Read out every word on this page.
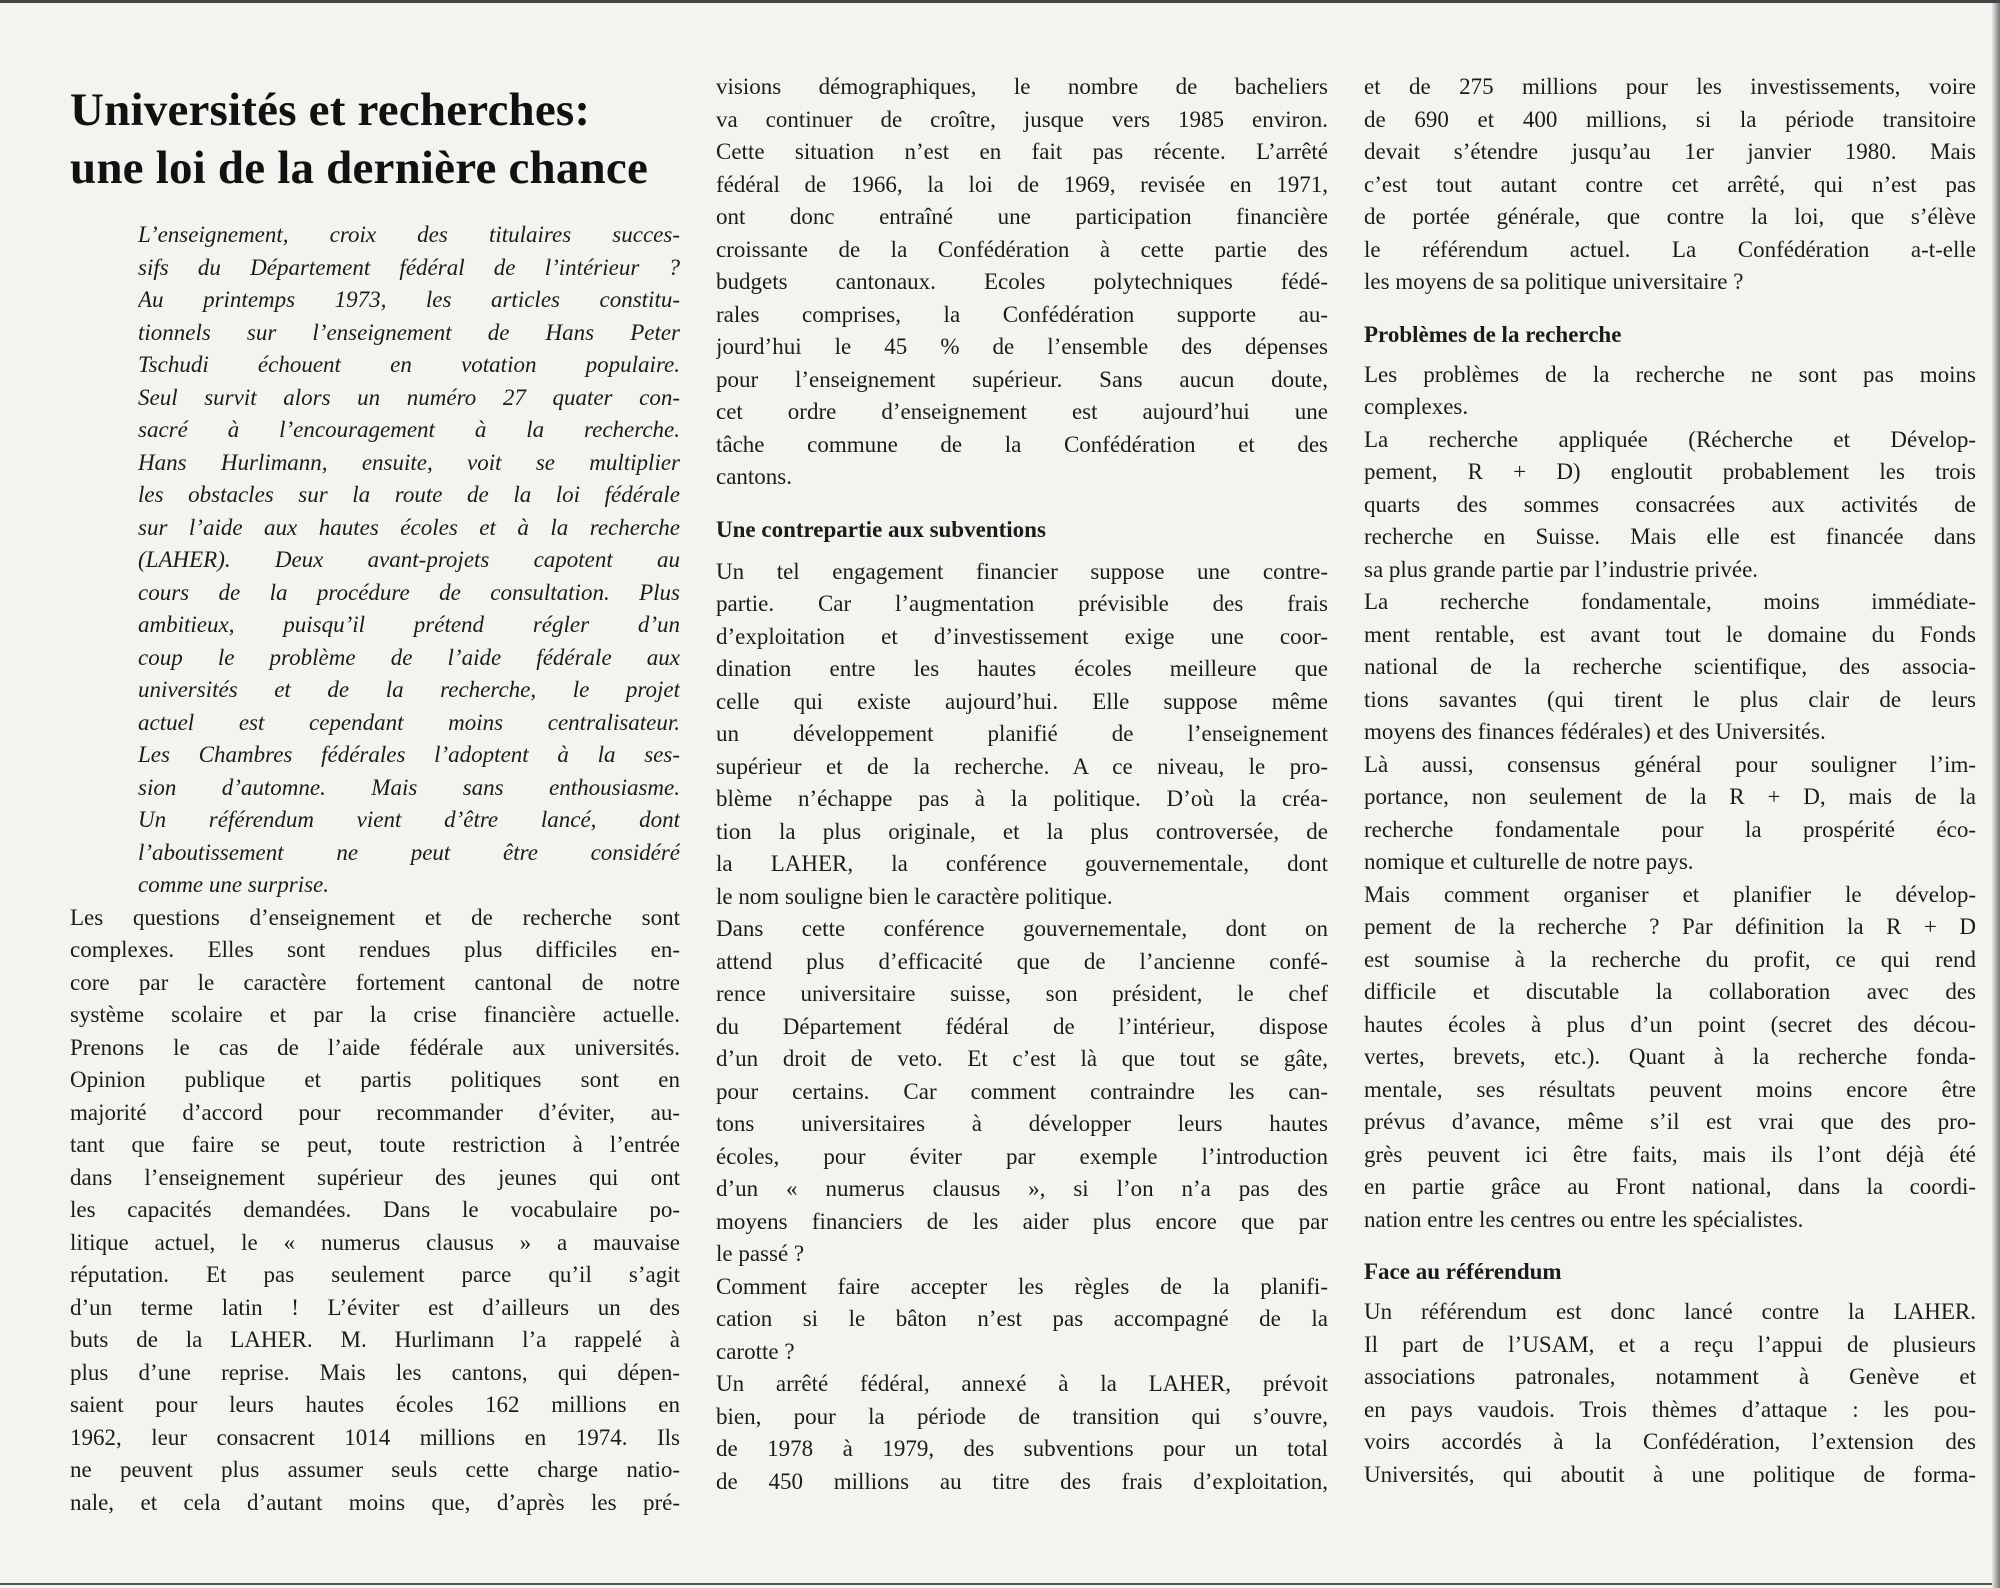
Universités et recherches:
une loi de la dernière chance
L’enseignement, croix des titulaires succes-
sifs du Département fédéral de l’intérieur ?
Au printemps 1973, les articles constitu-
tionnels sur l’enseignement de Hans Peter
Tschudi échouent en votation populaire.
Seul survit alors un numéro 27 quater con-
sacré à l’encouragement à la recherche.
Hans Hurlimann, ensuite, voit se multiplier
les obstacles sur la route de la loi fédérale
sur l’aide aux hautes écoles et à la recherche
(LAHER). Deux avant-projets capotent au
cours de la procédure de consultation. Plus
ambitieux, puisqu’il prétend régler d’un
coup le problème de l’aide fédérale aux
universités et de la recherche, le projet
actuel est cependant moins centralisateur.
Les Chambres fédérales l’adoptent à la ses-
sion d’automne. Mais sans enthousiasme.
Un référendum vient d’être lancé, dont
l’aboutissement ne peut être considéré
comme une surprise.
Les questions d’enseignement et de recherche sont
complexes. Elles sont rendues plus difficiles en-
core par le caractère fortement cantonal de notre
système scolaire et par la crise financière actuelle.
Prenons le cas de l’aide fédérale aux universités.
Opinion publique et partis politiques sont en
majorité d’accord pour recommander d’éviter, au-
tant que faire se peut, toute restriction à l’entrée
dans l’enseignement supérieur des jeunes qui ont
les capacités demandées. Dans le vocabulaire po-
litique actuel, le « numerus clausus » a mauvaise
réputation. Et pas seulement parce qu’il s’agit
d’un terme latin ! L’éviter est d’ailleurs un des
buts de la LAHER. M. Hurlimann l’a rappelé à
plus d’une reprise. Mais les cantons, qui dépen-
saient pour leurs hautes écoles 162 millions en
1962, leur consacrent 1014 millions en 1974. Ils
ne peuvent plus assumer seuls cette charge natio-
nale, et cela d’autant moins que, d’après les pré-
visions démographiques, le nombre de bacheliers
va continuer de croître, jusque vers 1985 environ.
Cette situation n’est en fait pas récente. L’arrêté
fédéral de 1966, la loi de 1969, revisée en 1971,
ont donc entraîné une participation financière
croissante de la Confédération à cette partie des
budgets cantonaux. Ecoles polytechniques fédé-
rales comprises, la Confédération supporte au-
jourd’hui le 45 % de l’ensemble des dépenses
pour l’enseignement supérieur. Sans aucun doute,
cet ordre d’enseignement est aujourd’hui une
tâche commune de la Confédération et des
cantons.
Une contrepartie aux subventions
Un tel engagement financier suppose une contre-
partie. Car l’augmentation prévisible des frais
d’exploitation et d’investissement exige une coor-
dination entre les hautes écoles meilleure que
celle qui existe aujourd’hui. Elle suppose même
un développement planifié de l’enseignement
supérieur et de la recherche. A ce niveau, le pro-
blème n’échappe pas à la politique. D’où la créa-
tion la plus originale, et la plus controversée, de
la LAHER, la conférence gouvernementale, dont
le nom souligne bien le caractère politique.
Dans cette conférence gouvernementale, dont on
attend plus d’efficacité que de l’ancienne confé-
rence universitaire suisse, son président, le chef
du Département fédéral de l’intérieur, dispose
d’un droit de veto. Et c’est là que tout se gâte,
pour certains. Car comment contraindre les can-
tons universitaires à développer leurs hautes
écoles, pour éviter par exemple l’introduction
d’un « numerus clausus », si l’on n’a pas des
moyens financiers de les aider plus encore que par
le passé ?
Comment faire accepter les règles de la planifi-
cation si le bâton n’est pas accompagné de la
carotte ?
Un arrêté fédéral, annexé à la LAHER, prévoit
bien, pour la période de transition qui s’ouvre,
de 1978 à 1979, des subventions pour un total
de 450 millions au titre des frais d’exploitation,
et de 275 millions pour les investissements, voire
de 690 et 400 millions, si la période transitoire
devait s’étendre jusqu’au 1er janvier 1980. Mais
c’est tout autant contre cet arrêté, qui n’est pas
de portée générale, que contre la loi, que s’élève
le référendum actuel. La Confédération a-t-elle
les moyens de sa politique universitaire ?
Problèmes de la recherche
Les problèmes de la recherche ne sont pas moins
complexes.
La recherche appliquée (Récherche et Dévelop-
pement, R + D) engloutit probablement les trois
quarts des sommes consacrées aux activités de
recherche en Suisse. Mais elle est financée dans
sa plus grande partie par l’industrie privée.
La recherche fondamentale, moins immédiate-
ment rentable, est avant tout le domaine du Fonds
national de la recherche scientifique, des associa-
tions savantes (qui tirent le plus clair de leurs
moyens des finances fédérales) et des Universités.
Là aussi, consensus général pour souligner l’im-
portance, non seulement de la R + D, mais de la
recherche fondamentale pour la prospérité éco-
nomique et culturelle de notre pays.
Mais comment organiser et planifier le dévelop-
pement de la recherche ? Par définition la R + D
est soumise à la recherche du profit, ce qui rend
difficile et discutable la collaboration avec des
hautes écoles à plus d’un point (secret des décou-
vertes, brevets, etc.). Quant à la recherche fonda-
mentale, ses résultats peuvent moins encore être
prévus d’avance, même s’il est vrai que des pro-
grès peuvent ici être faits, mais ils l’ont déjà été
en partie grâce au Front national, dans la coordi-
nation entre les centres ou entre les spécialistes.
Face au référendum
Un référendum est donc lancé contre la LAHER.
Il part de l’USAM, et a reçu l’appui de plusieurs
associations patronales, notamment à Genève et
en pays vaudois. Trois thèmes d’attaque : les pou-
voirs accordés à la Confédération, l’extension des
Universités, qui aboutit à une politique de forma-
